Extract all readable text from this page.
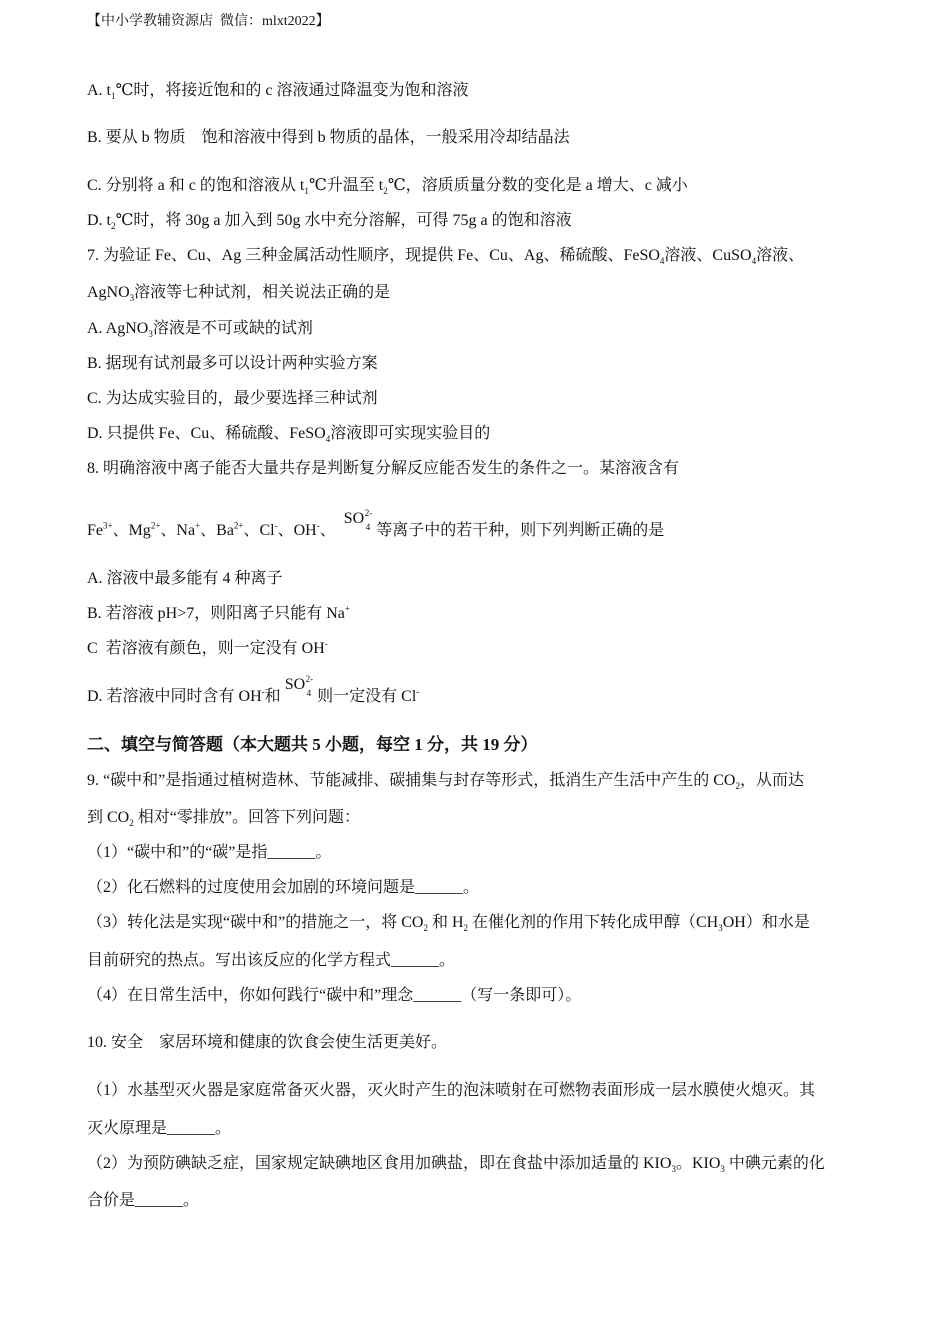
【中小学教辅资源店  微信：mlxt2022】
A. $t_1℃$时，将接近饱和的 c 溶液通过降温变为饱和溶液
B. 要从 b 物质    饱和溶液中得到 b 物质的晶体，一般采用冷却结晶法
C. 分别将 a 和 c 的饱和溶液从 $t_1℃$升温至 $t_2℃$，溶质质量分数的变化是 a 增大、c 减小
D. $t_2℃$时，将 30g a 加入到 50g 水中充分溶解，可得 75g a 的饱和溶液
7. 为验证 Fe、Cu、Ag 三种金属活动性顺序，现提供 Fe、Cu、Ag、稀硫酸、FeSO$_4$溶液、CuSO$_4$溶液、
AgNO$_3$溶液等七种试剂，相关说法正确的是
A. AgNO$_3$溶液是不可或缺的试剂
B. 据现有试剂最多可以设计两种实验方案
C. 为达成实验目的，最少要选择三种试剂
D. 只提供 Fe、Cu、稀硫酸、FeSO$_4$溶液即可实现实验目的
8. 明确溶液中离子能否大量共存是判断复分解反应能否发生的条件之一。某溶液含有
$Fe^{3+}$、$Mg^{2+}$、Na+、$Ba^{2+}$、Cl-、OH-、 SO 2-
4 等离子中的若干种，则下列判断正确的是
A. 溶液中最多能有 4 种离子
B. 若溶液 pH>7，则阳离子只能有 Na+
C  若溶液有颜色，则一定没有 OH-
D. 若溶液中同时含有 OH-和SO 2-
4 则一定没有 Cl-
二、填空与简答题（本大题共 5 小题，每空 1 分，共 19 分）
9. “碳中和”是指通过植树造林、节能减排、碳捕集与封存等形式，抵消生产生活中产生的 $CO_2$，从而达
到 $CO_2$ 相对“零排放”。回答下列问题：
（1）“碳中和”的“碳”是指______。
（2）化石燃料的过度使用会加剧的环境问题是______。
（3）转化法是实现“碳中和”的措施之一，将 $CO_2$ 和 $H_2$ 在催化剂的作用下转化成甲醇$(CH_3OH)$和水是
目前研究的热点。写出该反应的化学方程式______。
（4）在日常生活中，你如何践行“碳中和”理念______（写一条即可）。
10. 安全    家居环境和健康的饮食会使生活更美好。
（1）水基型灭火器是家庭常备灭火器，灭火时产生的泡沫喷射在可燃物表面形成一层水膜使火熄灭。其
灭火原理是______。
（2）为预防碘缺乏症，国家规定缺碘地区食用加碘盐，即在食盐中添加适量的 $KIO_3$。$KIO_3$ 中碘元素的化
合价是______。
